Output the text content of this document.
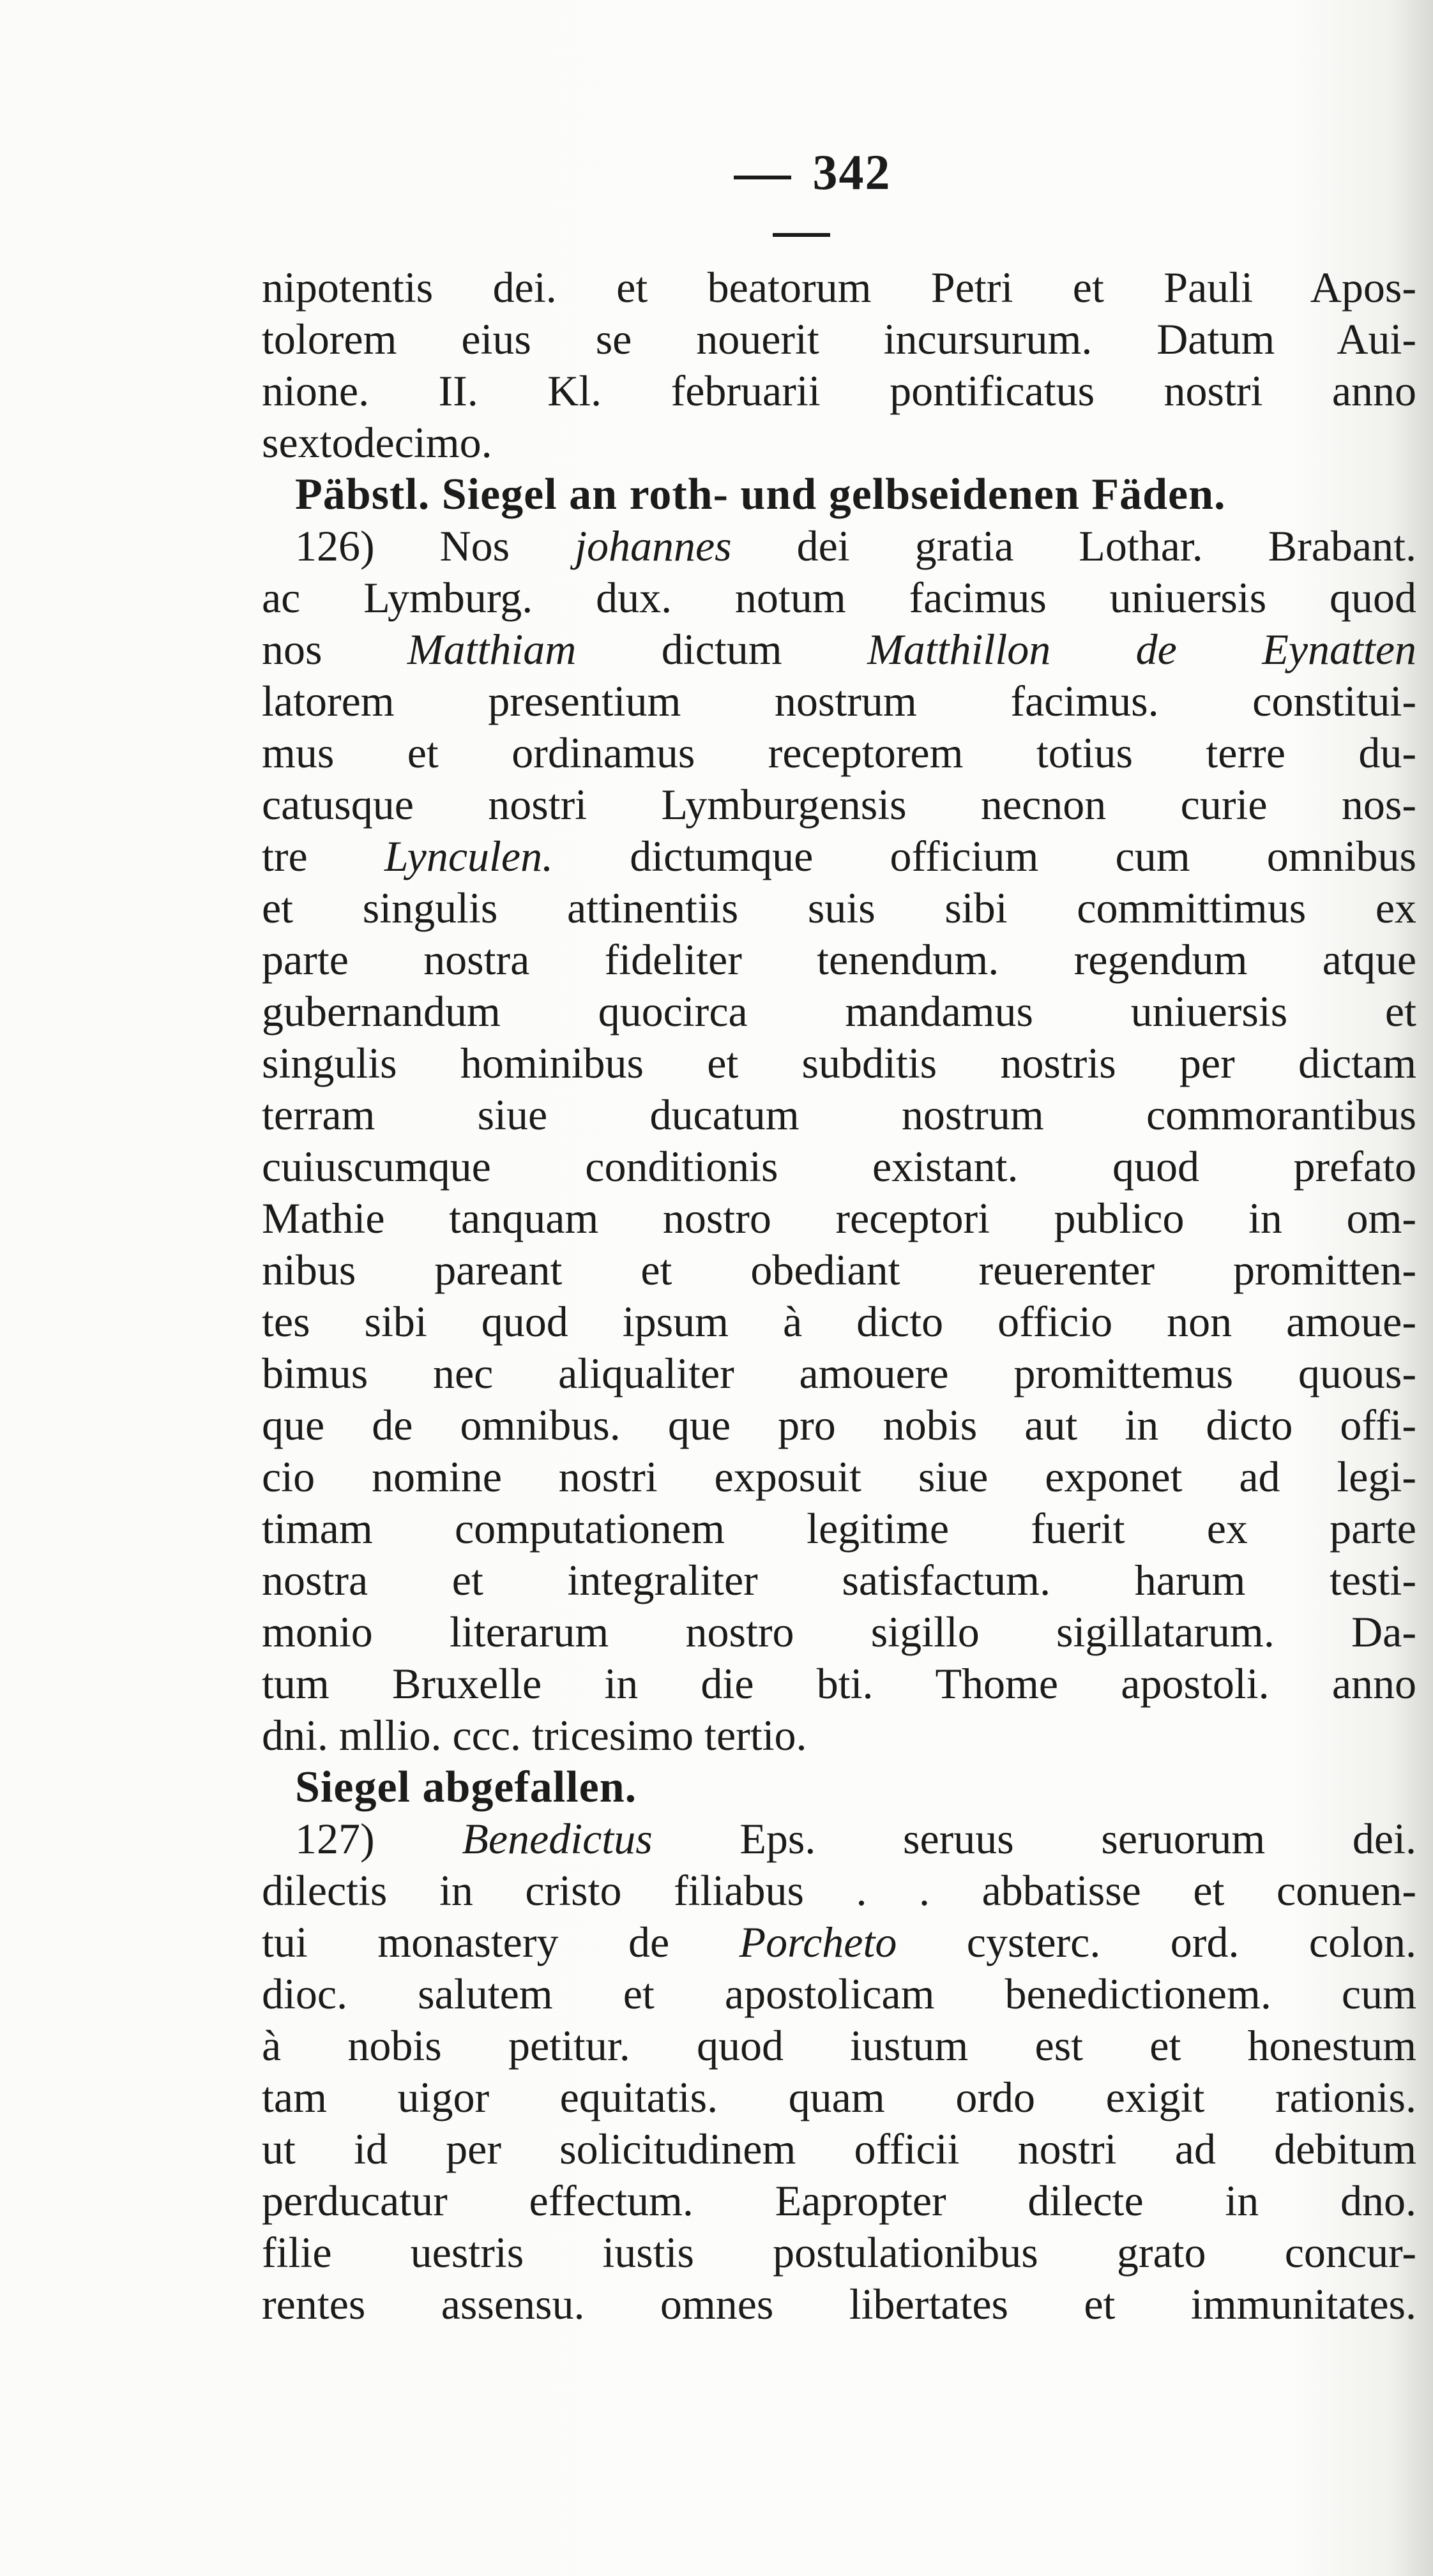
342
nipotentis dei. et beatorum Petri et Pauli Apos-
tolorem eius se nouerit incursurum. Datum Aui-
nione. II. Kl. februarii pontificatus nostri anno
sextodecimo.
Päbstl. Siegel an roth- und gelbseidenen Fäden.
126) Nos johannes dei gratia Lothar. Brabant.
ac Lymburg. dux. notum facimus uniuersis quod
nos Matthiam dictum Matthillon de Eynatten
latorem presentium nostrum facimus. constitui-
mus et ordinamus receptorem totius terre du-
catusque nostri Lymburgensis necnon curie nos-
tre Lynculen. dictumque officium cum omnibus
et singulis attinentiis suis sibi committimus ex
parte nostra fideliter tenendum. regendum atque
gubernandum quocirca mandamus uniuersis et
singulis hominibus et subditis nostris per dictam
terram siue ducatum nostrum commorantibus
cuiuscumque conditionis existant. quod prefato
Mathie tanquam nostro receptori publico in om-
nibus pareant et obediant reuerenter promitten-
tes sibi quod ipsum à dicto officio non amoue-
bimus nec aliqualiter amouere promittemus quous-
que de omnibus. que pro nobis aut in dicto offi-
cio nomine nostri exposuit siue exponet ad legi-
timam computationem legitime fuerit ex parte
nostra et integraliter satisfactum. harum testi-
monio literarum nostro sigillo sigillatarum. Da-
tum Bruxelle in die bti. Thome apostoli. anno
dni. mllio. ccc. tricesimo tertio.
Siegel abgefallen.
127) Benedictus Eps. seruus seruorum dei.
dilectis in cristo filiabus . . abbatisse et conuen-
tui monastery de Porcheto cysterc. ord. colon.
dioc. salutem et apostolicam benedictionem. cum
à nobis petitur. quod iustum est et honestum
tam uigor equitatis. quam ordo exigit rationis.
ut id per solicitudinem officii nostri ad debitum
perducatur effectum. Eapropter dilecte in dno.
filie uestris iustis postulationibus grato concur-
rentes assensu. omnes libertates et immunitates.
